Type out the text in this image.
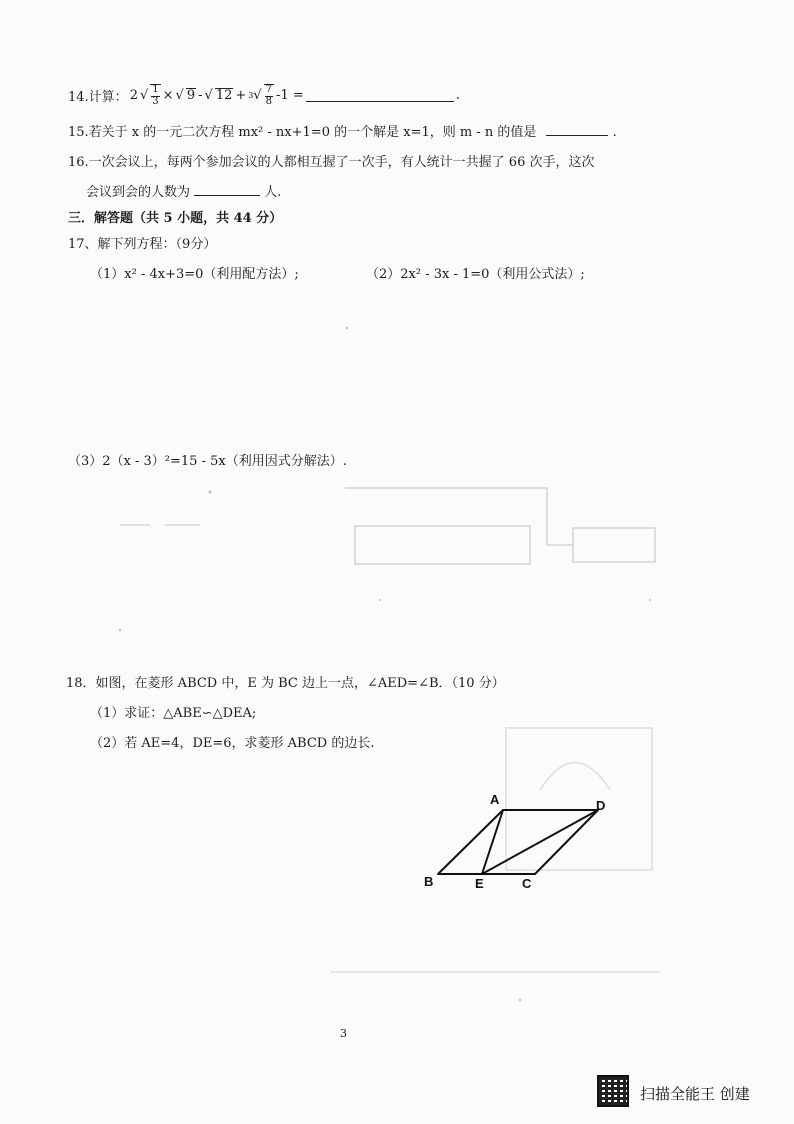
14.计算： 2 √ $\frac{1}{3}$ × √ 9 - √ 12 + 3 √ $\frac{7}{8} -1$ =	.
15.若关于 x 的一元二次方程 mx² - nx+1=0 的一个解是 x=1，则 m - n 的值是	.
16.一次会议上，每两个参加会议的人都相互握了一次手，有人统计一共握了 66 次手，这次
会议到会的人数为	人.
三．解答题（共 5 小题，共 44 分）
17、解下列方程：（9分）
（1）x² - 4x+3=0（利用配方法）;	（2）2x² - 3x - 1=0（利用公式法）;
（3）2（x - 3）²=15 - 5x（利用因式分解法）.
18．如图，在菱形 ABCD 中，E 为 BC 边上一点，∠AED=∠B．（10 分）
（1）求证：△ABE∽△DEA;
（2）若 AE=4，DE=6，求菱形 ABCD 的边长.
A	D
B	E	C
3
扫描全能王 创建
